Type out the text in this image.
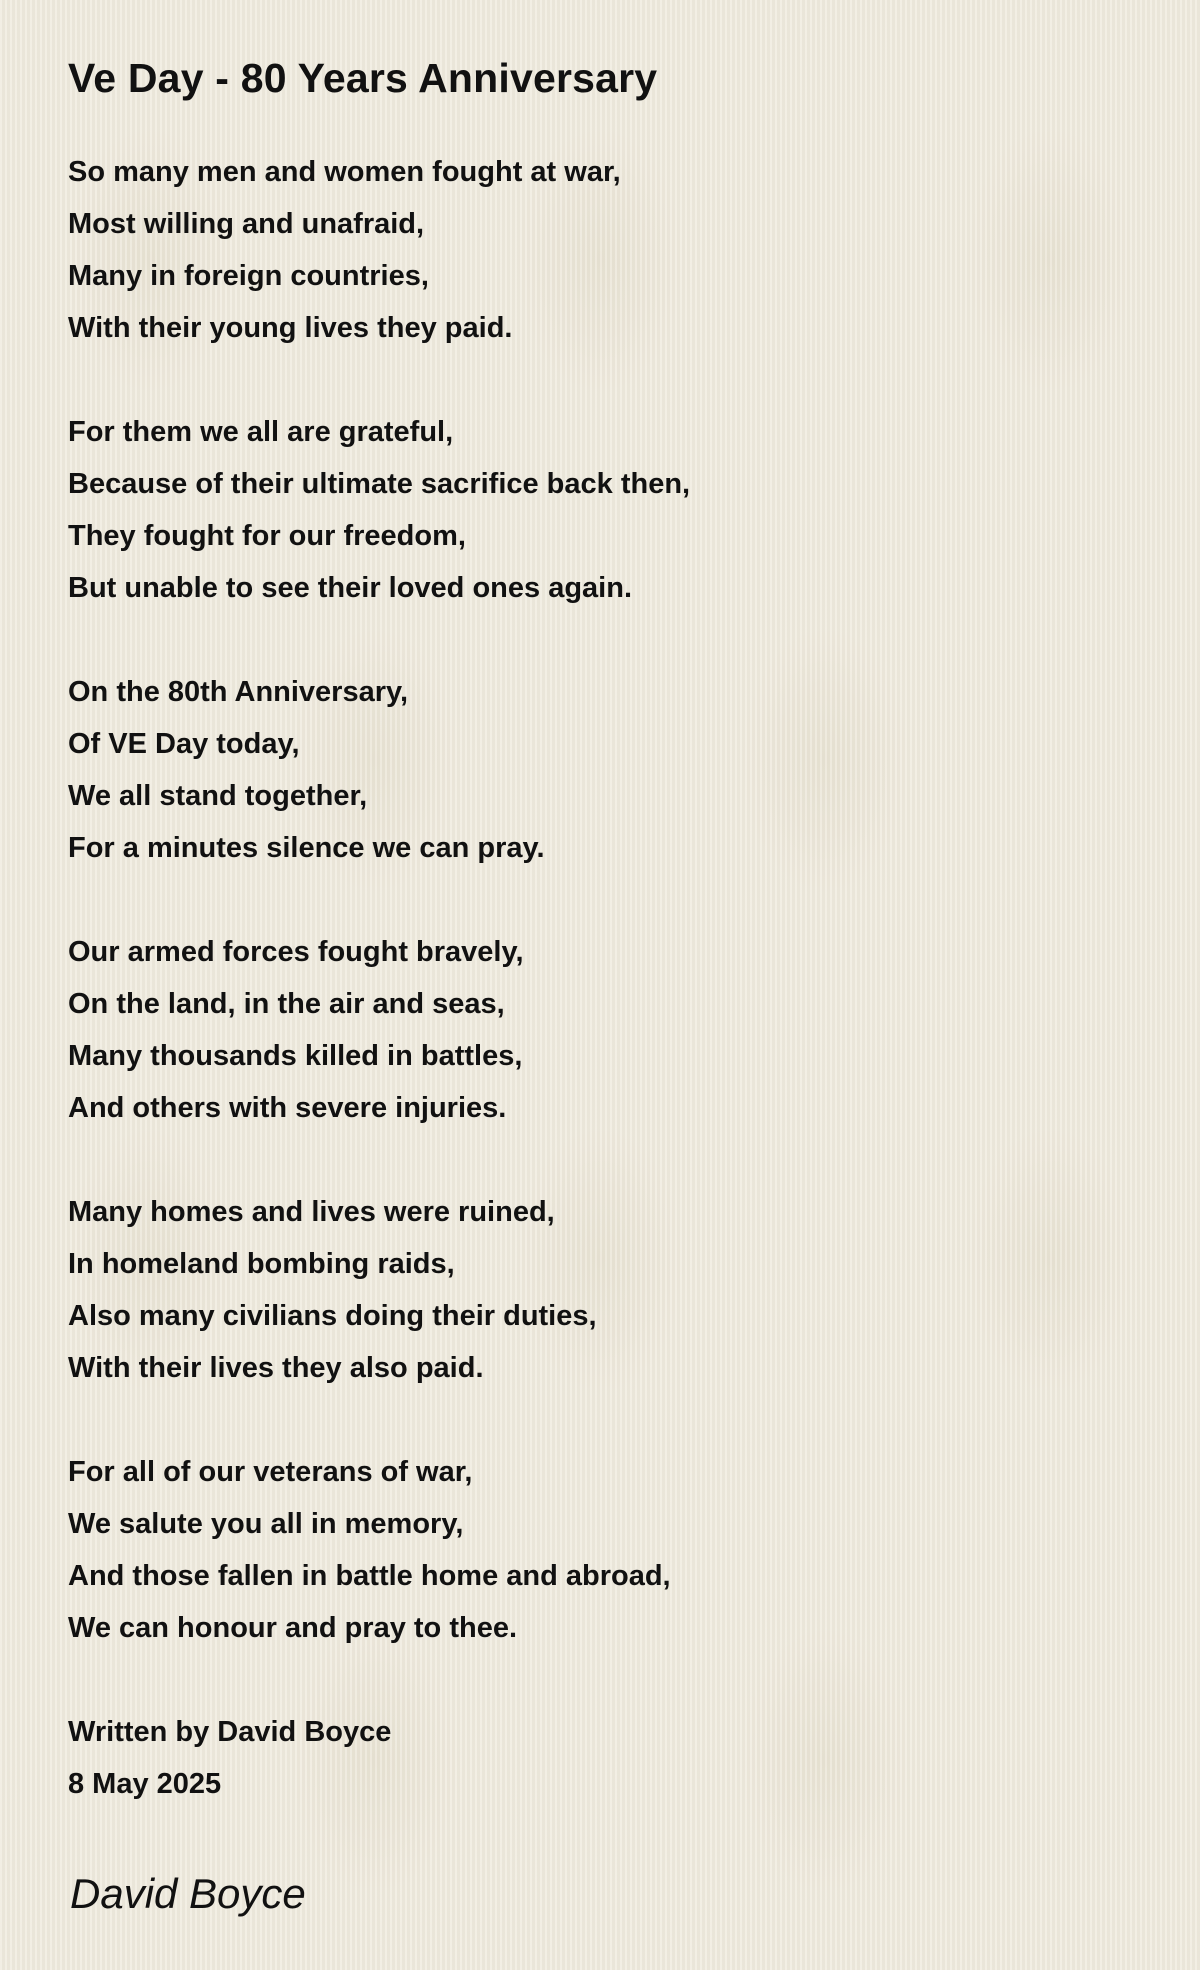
Ve Day - 80 Years Anniversary
So many men and women fought at war,
Most willing and unafraid,
Many in foreign countries,
With their young lives they paid.
For them we all are grateful,
Because of their ultimate sacrifice back then,
They fought for our freedom,
But unable to see their loved ones again.
On the 80th Anniversary,
Of VE Day today,
We all stand together,
For a minutes silence we can pray.
Our armed forces fought bravely,
On the land, in the air and seas,
Many thousands killed in battles,
And others with severe injuries.
Many homes and lives were ruined,
In homeland bombing raids,
Also many civilians doing their duties,
With their lives they also paid.
For all of our veterans of war,
We salute you all in memory,
And those fallen in battle home and abroad,
We can honour and pray to thee.
Written by David Boyce
8 May 2025
David Boyce
